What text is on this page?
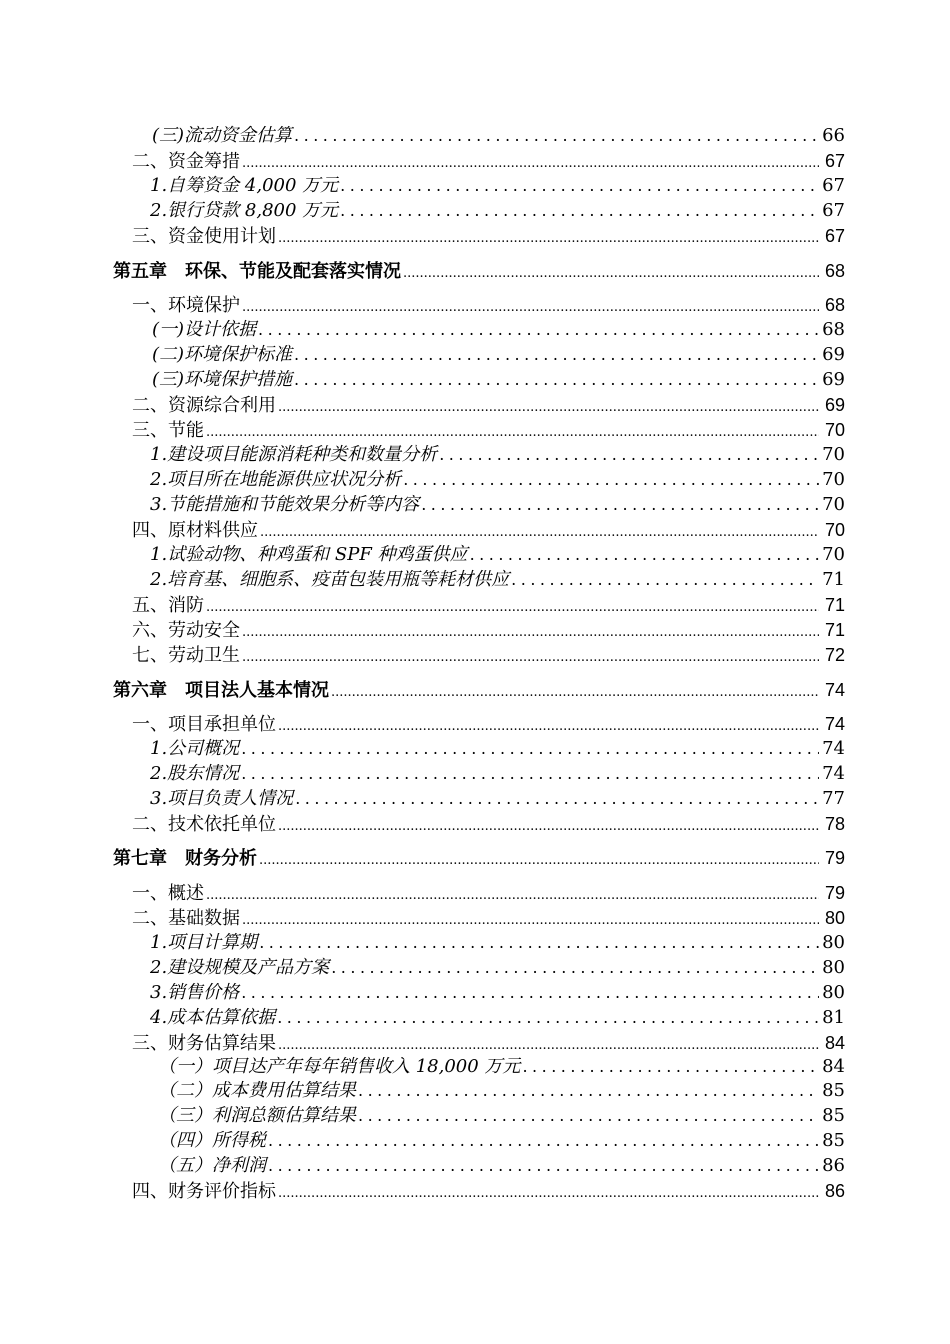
(三)流动资金估算 .....	66
二、资金筹措 .....	67
1.自筹资金 4,000 万元 .....	67
2.银行贷款 8,800 万元 .....	67
三、资金使用计划 .....	67
第五章　环保、节能及配套落实情况 .....	68
一、环境保护 .....	68
(一)设计依据 .....	68
(二)环境保护标准 .....	69
(三)环境保护措施 .....	69
二、资源综合利用 .....	69
三、节能 .....	70
1.建设项目能源消耗种类和数量分析 .....	70
2.项目所在地能源供应状况分析 .....	70
3.节能措施和节能效果分析等内容 .....	70
四、原材料供应 .....	70
1.试验动物、种鸡蛋和 SPF 种鸡蛋供应 .....	70
2.培育基、细胞系、疫苗包装用瓶等耗材供应 .....	71
五、消防 .....	71
六、劳动安全 .....	71
七、劳动卫生 .....	72
第六章　项目法人基本情况 .....	74
一、项目承担单位 .....	74
1.公司概况 .....	74
2.股东情况 .....	74
3.项目负责人情况 .....	77
二、技术依托单位 .....	78
第七章　财务分析 .....	79
一、概述 .....	79
二、基础数据 .....	80
1.项目计算期 .....	80
2.建设规模及产品方案 .....	80
3.销售价格 .....	80
4.成本估算依据 .....	81
三、财务估算结果 .....	84
（一）项目达产年每年销售收入 18,000 万元 .....	84
（二）成本费用估算结果 .....	85
（三）利润总额估算结果 .....	85
（四）所得税 .....	85
（五）净利润 .....	86
四、财务评价指标 .....	86
